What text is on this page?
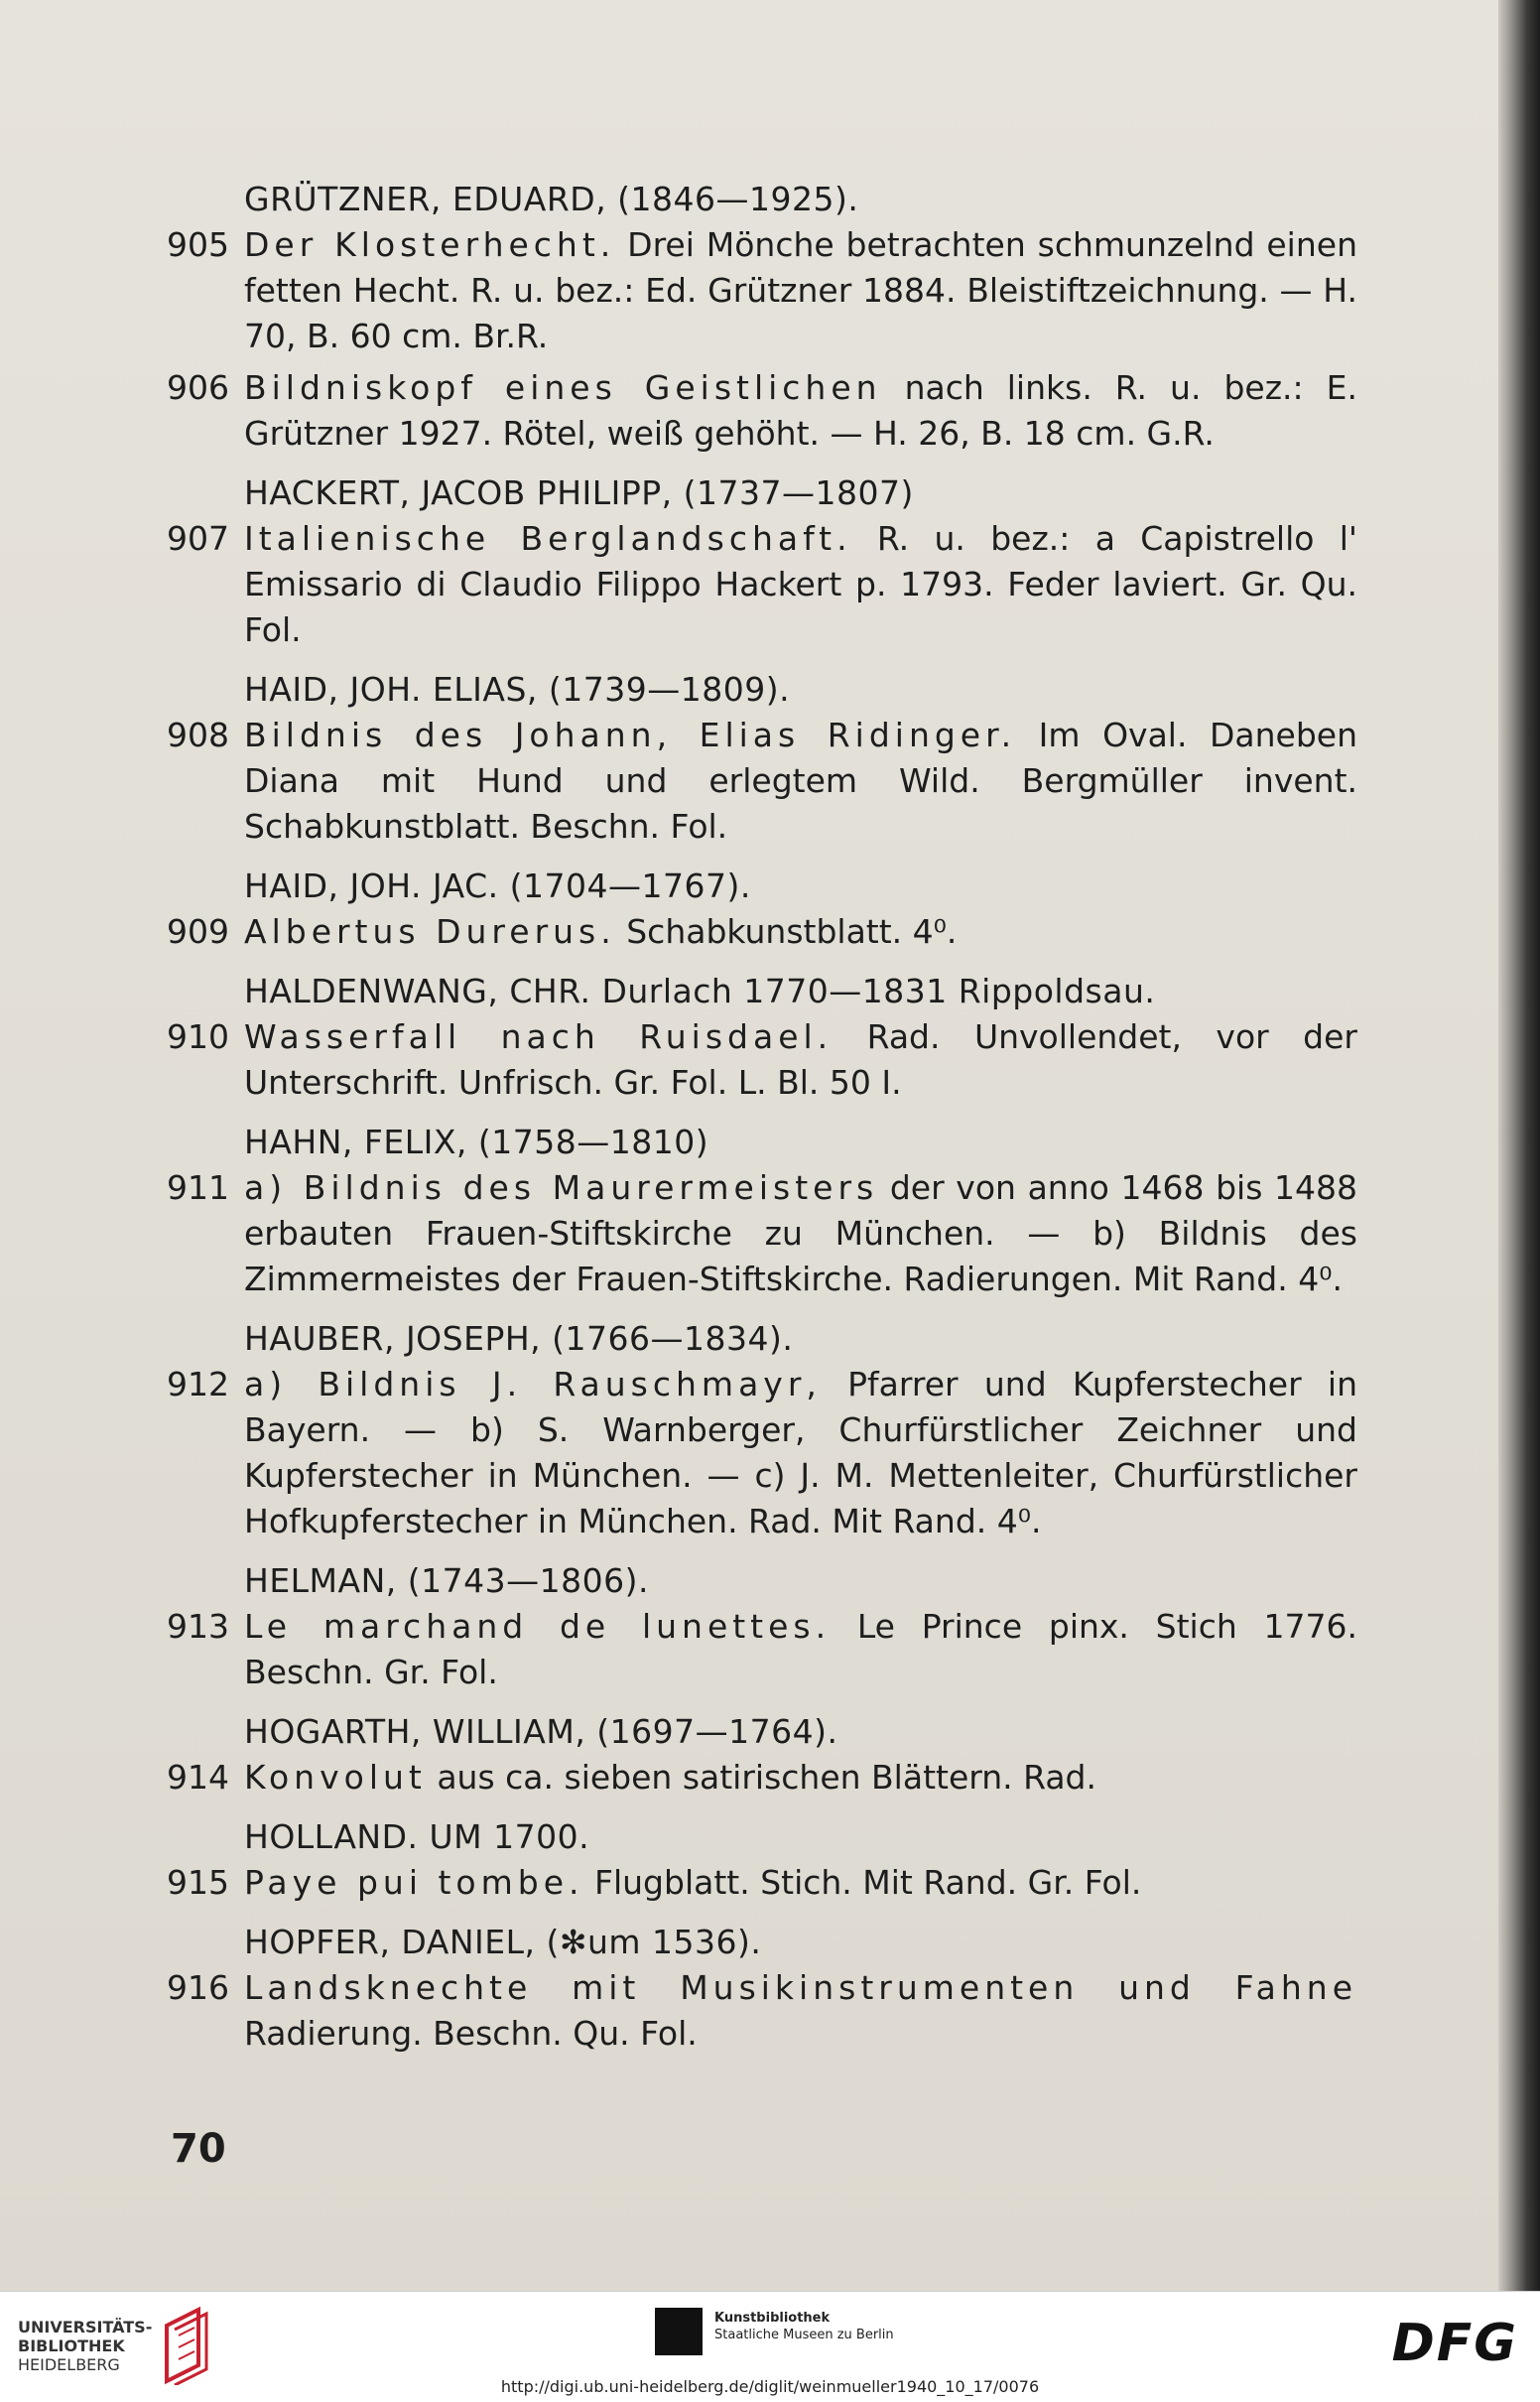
GRÜTZNER, EDUARD, (1846—1925).
905 Der Klosterhecht. Drei Mönche betrachten schmunzelnd einen fetten Hecht. R. u. bez.: Ed. Grützner 1884. Bleistiftzeichnung. — H. 70, B. 60 cm. Br.R.
906 Bildniskopf eines Geistlichen nach links. R. u. bez.: E. Grützner 1927. Rötel, weiß gehöht. — H. 26, B. 18 cm. G.R.
HACKERT, JACOB PHILIPP, (1737—1807)
907 Italienische Berglandschaft. R. u. bez.: a Capistrello l' Emissario di Claudio Filippo Hackert p. 1793. Feder laviert. Gr. Qu. Fol.
HAID, JOH. ELIAS, (1739—1809).
908 Bildnis des Johann, Elias Ridinger. Im Oval. Daneben Diana mit Hund und erlegtem Wild. Bergmüller invent. Schabkunstblatt. Beschn. Fol.
HAID, JOH. JAC. (1704—1767).
909 Albertus Durerus. Schabkunstblatt. 4⁰.
HALDENWANG, CHR. Durlach 1770—1831 Rippoldsau.
910 Wasserfall nach Ruisdael. Rad. Unvollendet, vor der Unterschrift. Unfrisch. Gr. Fol. L. Bl. 50 I.
HAHN, FELIX, (1758—1810)
911 a) Bildnis des Maurermeisters der von anno 1468 bis 1488 erbauten Frauen-Stiftskirche zu München. — b) Bildnis des Zimmermeistes der Frauen-Stiftskirche. Radierungen. Mit Rand. 4⁰.
HAUBER, JOSEPH, (1766—1834).
912 a) Bildnis J. Rauschmayr, Pfarrer und Kupferstecher in Bayern. — b) S. Warnberger, Churfürstlicher Zeichner und Kupferstecher in München. — c) J. M. Mettenleiter, Churfürstlicher Hofkupferstecher in München. Rad. Mit Rand. 4⁰.
HELMAN, (1743—1806).
913 Le marchand de lunettes. Le Prince pinx. Stich 1776. Beschn. Gr. Fol.
HOGARTH, WILLIAM, (1697—1764).
914 Konvolut aus ca. sieben satirischen Blättern. Rad.
HOLLAND. UM 1700.
915 Paye pui tombe. Flugblatt. Stich. Mit Rand. Gr. Fol.
HOPFER, DANIEL, (✻um 1536).
916 Landsknechte mit Musikinstrumenten und Fahne Radierung. Beschn. Qu. Fol.
70
UNIVERSITÄTS-
BIBLIOTHEK
HEIDELBERG
Kunstbibliothek
Staatliche Museen zu Berlin	DFG
http://digi.ub.uni-heidelberg.de/diglit/weinmueller1940_10_17/0076
